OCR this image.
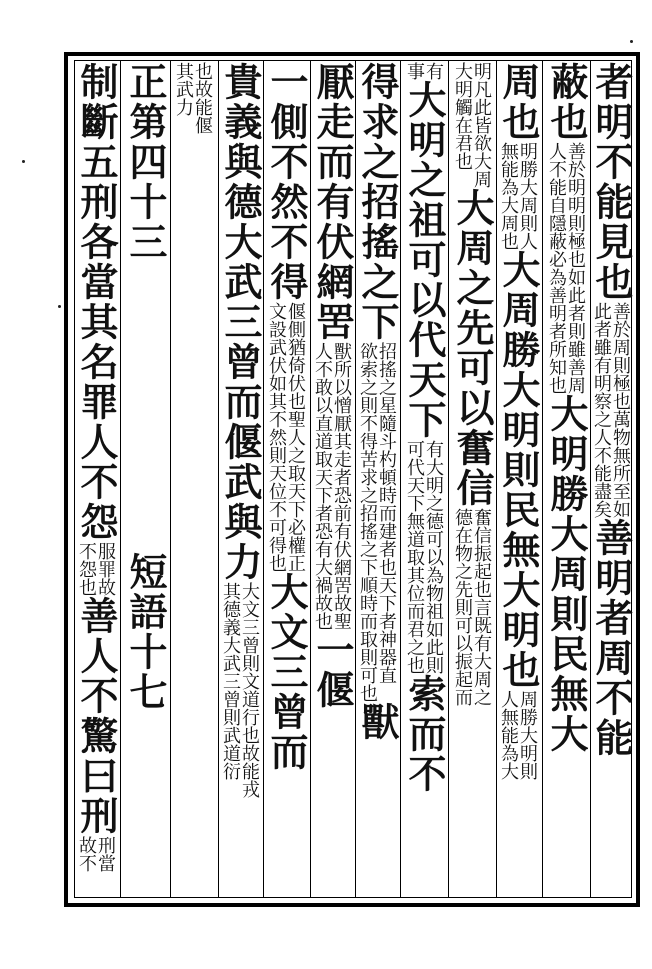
者明不能見也
善於周則
此者雖有
極也萬物無所至如
明察之人不能盡矣
善明者周不能
蔽也
善於明明則極也如此者則雖善周
人不能自隱蔽必為善明者所知也
大明勝大周則民無大
周也
明勝大周則人
無能為大周也
大周勝大明則民無大明也
周勝大明則
人無能為大
明凡此皆欲大周
大明觸在君也
大周之先可以奮信
奮信振起也言既有大周之
德在物之先則可以振起而
有
事
大明之祖可以代天下
有大明之德可以為物祖如此則
可代天下無道取其位而君之也
索而不
得求之招搖之下
招搖之星隨斗杓頓時而建者也天下者神器直
欲索之則不得苦求之招搖之下順時而取則可也
獸
厭走而有伏網罟
獸所以憎厭其走者恐前有伏網罟故聖
人不敢以直道取天下者恐有大禍故也
一偃
一側不然不得
偃側猶倚伏也聖人之取天下必權正
文設武伏如其不然則天位不可得也
大文三曾而
貴義與德大武三曾而偃武與力
大文三曾則文道行也故能戎
其德義大武三曾則武道衍
也故能偃
其武力
正第四十三
短語十七
制斷五刑各當其名罪人不怨
服罪故
不怨也
善人不驚曰刑
刑當
故不
